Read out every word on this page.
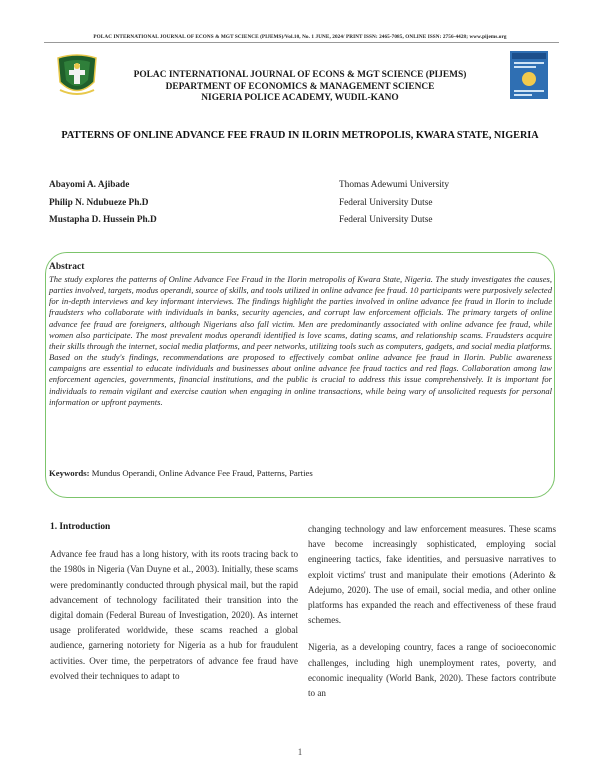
POLAC INTERNATIONAL JOURNAL OF ECONS & MGT SCIENCE (PIJEMS)/Vol.10, No. 1 JUNE, 2024/ PRINT ISSN: 2465-7085, ONLINE ISSN: 2756-4428; www.pijems.org
POLAC INTERNATIONAL JOURNAL OF ECONS & MGT SCIENCE (PIJEMS)
DEPARTMENT OF ECONOMICS & MANAGEMENT SCIENCE
NIGERIA POLICE ACADEMY, WUDIL-KANO
PATTERNS OF ONLINE ADVANCE FEE FRAUD IN ILORIN METROPOLIS, KWARA STATE, NIGERIA
Abayomi A. Ajibade	Thomas Adewumi University
Philip N. Ndubueze Ph.D	Federal University Dutse
Mustapha D. Hussein Ph.D	Federal University Dutse
Abstract
The study explores the patterns of Online Advance Fee Fraud in the Ilorin metropolis of Kwara State, Nigeria. The study investigates the causes, parties involved, targets, modus operandi, source of skills, and tools utilized in online advance fee fraud. 10 participants were purposively selected for in-depth interviews and key informant interviews. The findings highlight the parties involved in online advance fee fraud in Ilorin to include fraudsters who collaborate with individuals in banks, security agencies, and corrupt law enforcement officials. The primary targets of online advance fee fraud are foreigners, although Nigerians also fall victim. Men are predominantly associated with online advance fee fraud, while women also participate. The most prevalent modus operandi identified is love scams, dating scams, and relationship scams. Fraudsters acquire their skills through the internet, social media platforms, and peer networks, utilizing tools such as computers, gadgets, and social media platforms. Based on the study's findings, recommendations are proposed to effectively combat online advance fee fraud in Ilorin. Public awareness campaigns are essential to educate individuals and businesses about online advance fee fraud tactics and red flags. Collaboration among law enforcement agencies, governments, financial institutions, and the public is crucial to address this issue comprehensively. It is important for individuals to remain vigilant and exercise caution when engaging in online transactions, while being wary of unsolicited requests for personal information or upfront payments.
Keywords: Mundus Operandi, Online Advance Fee Fraud, Patterns, Parties
1. Introduction

Advance fee fraud has a long history, with its roots tracing back to the 1980s in Nigeria (Van Duyne et al., 2003). Initially, these scams were predominantly conducted through physical mail, but the rapid advancement of technology facilitated their transition into the digital domain (Federal Bureau of Investigation, 2020). As internet usage proliferated worldwide, these scams reached a global audience, garnering notoriety for Nigeria as a hub for fraudulent activities. Over time, the perpetrators of advance fee fraud have evolved their techniques to adapt to

changing technology and law enforcement measures. These scams have become increasingly sophisticated, employing social engineering tactics, fake identities, and persuasive narratives to exploit victims' trust and manipulate their emotions (Aderinto & Adejumo, 2020). The use of email, social media, and other online platforms has expanded the reach and effectiveness of these fraud schemes.

Nigeria, as a developing country, faces a range of socioeconomic challenges, including high unemployment rates, poverty, and economic inequality (World Bank, 2020). These factors contribute to an

1
